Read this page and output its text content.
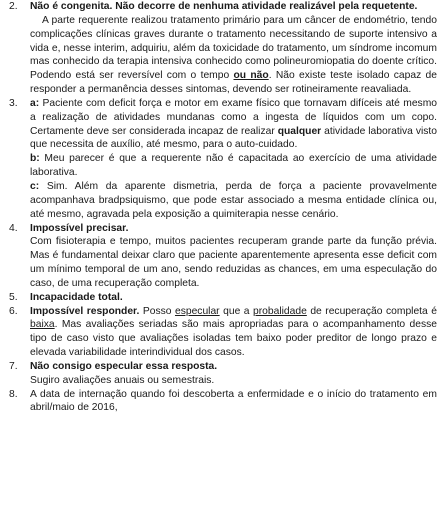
2.	Não é congenita. Não decorre de nenhuma atividade realizável pela requetente.

A parte requerente realizou tratamento primário para um câncer de endométrio, tendo complicações clínicas graves durante o tratamento necessitando de suporte intensivo a vida e, nesse interim, adquiriu, além da toxicidade do tratamento, um síndrome incomum mas conhecido da terapia intensiva conhecido como polineuromiopatia do doente crítico. Podendo está ser reversível com o tempo ou não. Não existe teste isolado capaz de responder a permanência desses sintomas, devendo ser rotineiramente reavaliada.

3.	a: Paciente com deficit força e motor em exame físico que tornavam difíceis até mesmo a realização de atividades mundanas como a ingesta de líquidos com um copo. Certamente deve ser considerada incapaz de realizar qualquer atividade laborativa visto que necessita de auxílio, até mesmo, para o auto-cuidado.

b: Meu parecer é que a requerente não é capacitada ao exercício de uma atividade laborativa.

c: Sim. Além da aparente dismetria, perda de força a paciente provavelmente acompanhava bradpsiquismo, que pode estar associado a mesma entidade clínica ou, até mesmo, agravada pela exposição a quimiterapia nesse cenário.

4.	Impossível precisar.

Com fisioterapia e tempo, muitos pacientes recuperam grande parte da função prévia. Mas é fundamental deixar claro que paciente aparentemente apresenta esse deficit com um mínimo temporal de um ano, sendo reduzidas as chances, em uma especulação do caso, de uma recuperação completa.

5.	Incapacidade total.

6.	Impossível responder. Posso especular que a probalidade de recuperação completa é baixa. Mas avaliações seriadas são mais apropriadas para o acompanhamento desse tipo de caso visto que avaliações isoladas tem baixo poder preditor de longo prazo e elevada variabilidade interindividual dos casos.

7.	Não consigo especular essa resposta.

Sugiro avaliações anuais ou semestrais.

8.	A data de internação quando foi descoberta a enfermidade e o início do tratamento em abril/maio de 2016,
